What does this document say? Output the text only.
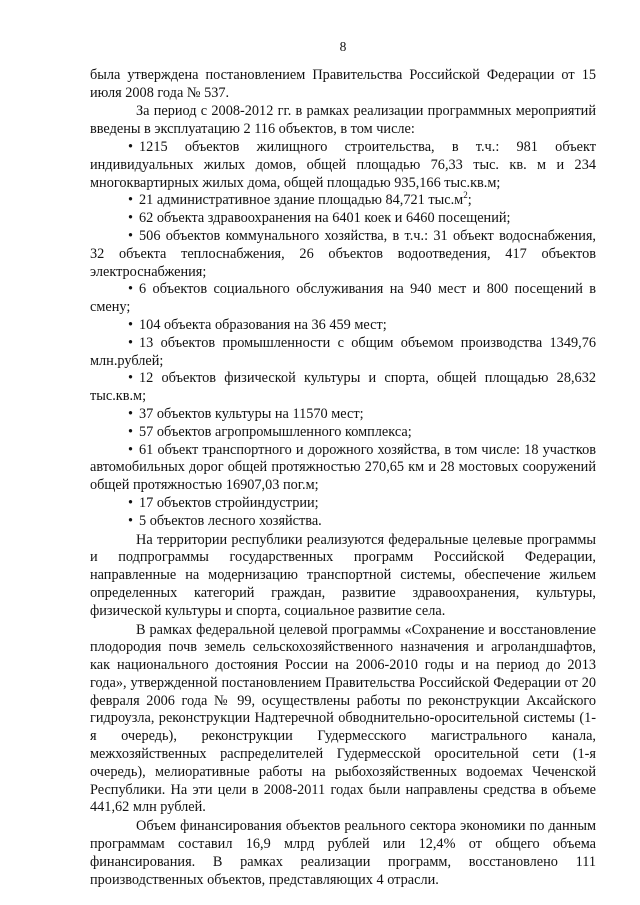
8

была утверждена постановлением Правительства Российской Федерации от 15 июля 2008 года № 537.

За период с 2008-2012 гг. в рамках реализации программных мероприятий введены в эксплуатацию 2 116 объектов, в том числе:

• 1215 объектов жилищного строительства, в т.ч.: 981 объект индивидуальных жилых домов, общей площадью 76,33 тыс. кв. м и 234 многоквартирных жилых дома, общей площадью 935,166 тыс.кв.м;

• 21 административное здание площадью 84,721 $тыс.м^2$;

• 62 объекта здравоохранения на 6401 коек и 6460 посещений;

• 506 объектов коммунального хозяйства, в т.ч.: 31 объект водоснабжения, 32 объекта теплоснабжения, 26 объектов водоотведения, 417 объектов электроснабжения;

• 6 объектов социального обслуживания на 940 мест и 800 посещений в смену;

• 104 объекта образования на 36 459 мест;

• 13 объектов промышленности с общим объемом производства 1349,76 млн.рублей;

• 12 объектов физической культуры и спорта, общей площадью 28,632 тыс.кв.м;

• 37 объектов культуры на 11570 мест;

• 57 объектов агропромышленного комплекса;

• 61 объект транспортного и дорожного хозяйства, в том числе: 18 участков автомобильных дорог общей протяжностью 270,65 км и 28 мостовых сооружений общей протяжностью 16907,03 пог.м;

• 17 объектов стройиндустрии;

• 5 объектов лесного хозяйства.

На территории республики реализуются федеральные целевые программы и подпрограммы государственных программ Российской Федерации, направленные на модернизацию транспортной системы, обеспечение жильем определенных категорий граждан, развитие здравоохранения, культуры, физической культуры и спорта, социальное развитие села.

В рамках федеральной целевой программы «Сохранение и восстановление плодородия почв земель сельскохозяйственного назначения и агроландшафтов, как национального достояния России на 2006-2010 годы и на период до 2013 года», утвержденной постановлением Правительства Российской Федерации от 20 февраля 2006 года № 99, осуществлены работы по реконструкции Аксайского гидроузла, реконструкции Надтеречной обводнительно-оросительной системы (1-я очередь), реконструкции Гудермесского магистрального канала, межхозяйственных распределителей Гудермесской оросительной сети (1-я очередь), мелиоративные работы на рыбохозяйственных водоемах Чеченской Республики. На эти цели в 2008-2011 годах были направлены средства в объеме 441,62 млн рублей.

Объем финансирования объектов реального сектора экономики по данным программам составил 16,9 млрд рублей или 12,4% от общего объема финансирования. В рамках реализации программ, восстановлено 111 производственных объектов, представляющих 4 отрасли.
